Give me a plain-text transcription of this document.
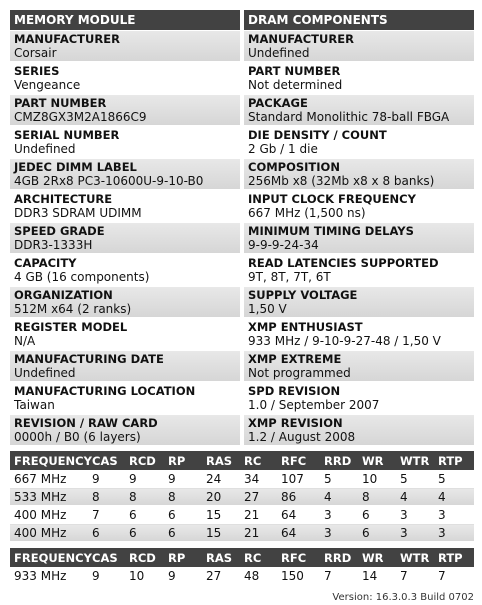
MEMORY MODULE
MANUFACTURER
Corsair
SERIES
Vengeance
PART NUMBER
CMZ8GX3M2A1866C9
SERIAL NUMBER
Undefined
JEDEC DIMM LABEL
4GB 2Rx8 PC3-10600U-9-10-B0
ARCHITECTURE
DDR3 SDRAM UDIMM
SPEED GRADE
DDR3-1333H
CAPACITY
4 GB (16 components)
ORGANIZATION
512M x64 (2 ranks)
REGISTER MODEL
N/A
MANUFACTURING DATE
Undefined
MANUFACTURING LOCATION
Taiwan
REVISION / RAW CARD
0000h / B0 (6 layers)
DRAM COMPONENTS
MANUFACTURER
Undefined
PART NUMBER
Not determined
PACKAGE
Standard Monolithic 78-ball FBGA
DIE DENSITY / COUNT
2 Gb / 1 die
COMPOSITION
256Mb x8 (32Mb x8 x 8 banks)
INPUT CLOCK FREQUENCY
667 MHz (1,500 ns)
MINIMUM TIMING DELAYS
9-9-9-24-34
READ LATENCIES SUPPORTED
9T, 8T, 7T, 6T
SUPPLY VOLTAGE
1,50 V
XMP ENTHUSIAST
933 MHz / 9-10-9-27-48 / 1,50 V
XMP EXTREME
Not programmed
SPD REVISION
1.0 / September 2007
XMP REVISION
1.2 / August 2008
FREQUENCY	CAS	RCD	RP	RAS	RC	RFC	RRD	WR	WTR	RTP
667 MHz	9	9	9	24	34	107	5	10	5	5
533 MHz	8	8	8	20	27	86	4	8	4	4
400 MHz	7	6	6	15	21	64	3	6	3	3
400 MHz	6	6	6	15	21	64	3	6	3	3
FREQUENCY	CAS	RCD	RP	RAS	RC	RFC	RRD	WR	WTR	RTP
933 MHz	9	10	9	27	48	150	7	14	7	7
Version: 16.3.0.3 Build 0702
